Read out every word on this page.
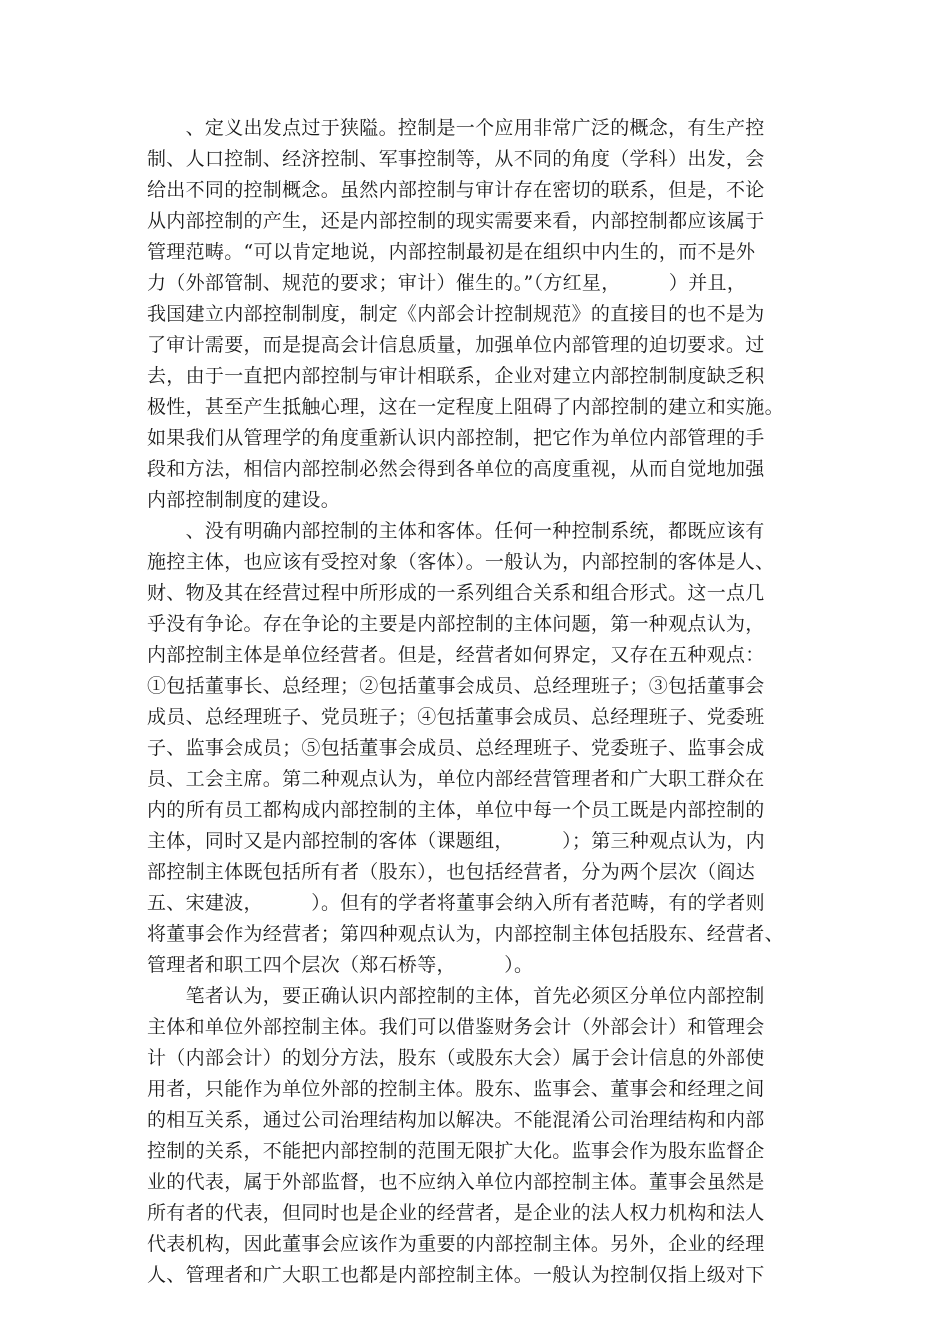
　　、定义出发点过于狭隘。控制是一个应用非常广泛的概念，有生产控

制、人口控制、经济控制、军事控制等，从不同的角度（学科）出发，会

给出不同的控制概念。虽然内部控制与审计存在密切的联系，但是，不论

从内部控制的产生，还是内部控制的现实需要来看，内部控制都应该属于

管理范畴。“可以肯定地说，内部控制最初是在组织中内生的，而不是外

力（外部管制、规范的要求；审计）催生的。”（方红星，　　　）并且，

我国建立内部控制制度，制定《内部会计控制规范》的直接目的也不是为

了审计需要，而是提高会计信息质量，加强单位内部管理的迫切要求。过

去，由于一直把内部控制与审计相联系，企业对建立内部控制制度缺乏积

极性，甚至产生抵触心理，这在一定程度上阻碍了内部控制的建立和实施。

如果我们从管理学的角度重新认识内部控制，把它作为单位内部管理的手

段和方法，相信内部控制必然会得到各单位的高度重视，从而自觉地加强

内部控制制度的建设。

　　、没有明确内部控制的主体和客体。任何一种控制系统，都既应该有

施控主体，也应该有受控对象（客体）。一般认为，内部控制的客体是人、

财、物及其在经营过程中所形成的一系列组合关系和组合形式。这一点几

乎没有争论。存在争论的主要是内部控制的主体问题，第一种观点认为，

内部控制主体是单位经营者。但是，经营者如何界定，又存在五种观点：

①包括董事长、总经理；②包括董事会成员、总经理班子；③包括董事会

成员、总经理班子、党员班子；④包括董事会成员、总经理班子、党委班

子、监事会成员；⑤包括董事会成员、总经理班子、党委班子、监事会成

员、工会主席。第二种观点认为，单位内部经营管理者和广大职工群众在

内的所有员工都构成内部控制的主体，单位中每一个员工既是内部控制的

主体，同时又是内部控制的客体（课题组，　　　）；第三种观点认为，内

部控制主体既包括所有者（股东），也包括经营者，分为两个层次（阎达

五、宋建波，　　　）。但有的学者将董事会纳入所有者范畴，有的学者则

将董事会作为经营者；第四种观点认为，内部控制主体包括股东、经营者、

管理者和职工四个层次（郑石桥等，　　　）。

　　笔者认为，要正确认识内部控制的主体，首先必须区分单位内部控制

主体和单位外部控制主体。我们可以借鉴财务会计（外部会计）和管理会

计（内部会计）的划分方法，股东（或股东大会）属于会计信息的外部使

用者，只能作为单位外部的控制主体。股东、监事会、董事会和经理之间

的相互关系，通过公司治理结构加以解决。不能混淆公司治理结构和内部

控制的关系，不能把内部控制的范围无限扩大化。监事会作为股东监督企

业的代表，属于外部监督，也不应纳入单位内部控制主体。董事会虽然是

所有者的代表，但同时也是企业的经营者，是企业的法人权力机构和法人

代表机构，因此董事会应该作为重要的内部控制主体。另外，企业的经理

人、管理者和广大职工也都是内部控制主体。一般认为控制仅指上级对下
